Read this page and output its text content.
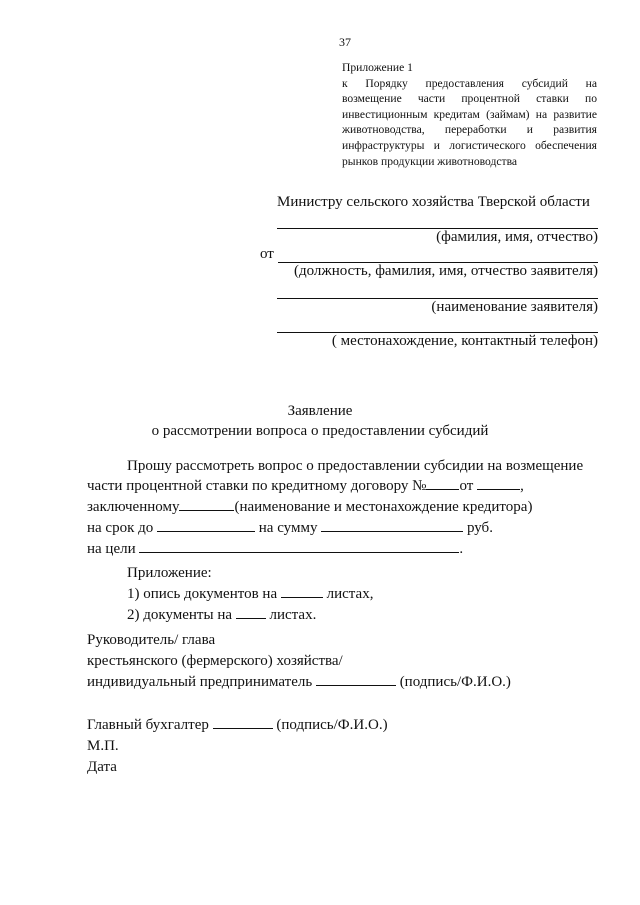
37
Приложение 1
к Порядку предоставления субсидий на возмещение части процентной ставки по инвестиционным кредитам (займам) на развитие животноводства, переработки и развития инфраструктуры и логистического обеспечения рынков продукции животноводства
Министру сельского хозяйства Тверской области
(фамилия, имя, отчество)
от
(должность, фамилия, имя, отчество заявителя)
(наименование заявителя)
( местонахождение, контактный телефон)
Заявление
о рассмотрении вопроса о предоставлении субсидий
Прошу рассмотреть вопрос о предоставлении субсидии на возмещение
части процентной ставки по кредитному договору № от	,
заключенному	(наименование и местонахождение кредитора)
на срок до	на сумму	руб.
на цели	.
Приложение:
1) опись документов на	листах,
2) документы на	листах.
Руководитель/ глава
крестьянского (фермерского) хозяйства/
индивидуальный предприниматель	(подпись/Ф.И.О.)
Главный бухгалтер	(подпись/Ф.И.О.)
М.П.
Дата
